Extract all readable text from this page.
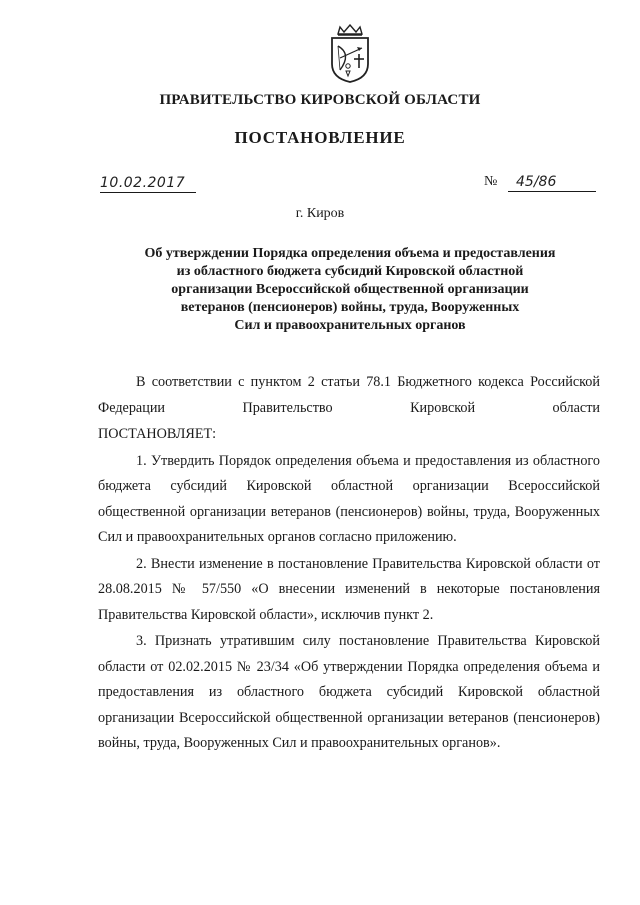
ПРАВИТЕЛЬСТВО КИРОВСКОЙ ОБЛАСТИ
ПОСТАНОВЛЕНИЕ
10.02.2017	№ 45/86
г. Киров
Об утверждении Порядка определения объема и предоставления
из областного бюджета субсидий Кировской областной
организации Всероссийской общественной организации
ветеранов (пенсионеров) войны, труда, Вооруженных
Сил и правоохранительных органов

В соответствии с пунктом 2 статьи 78.1 Бюджетного кодекса Российской Федерации Правительство Кировской области

ПОСТАНОВЛЯЕТ:

1. Утвердить Порядок определения объема и предоставления из областного бюджета субсидий Кировской областной организации Всероссийской общественной организации ветеранов (пенсионеров) войны, труда, Вооруженных Сил и правоохранительных органов согласно приложению.

2. Внести изменение в постановление Правительства Кировской области от 28.08.2015 № 57/550 «О внесении изменений в некоторые постановления Правительства Кировской области», исключив пункт 2.

3. Признать утратившим силу постановление Правительства Кировской области от 02.02.2015 № 23/34 «Об утверждении Порядка определения объема и предоставления из областного бюджета субсидий Кировской областной организации Всероссийской общественной организации ветеранов (пенсионеров) войны, труда, Вооруженных Сил и правоохранительных органов».
